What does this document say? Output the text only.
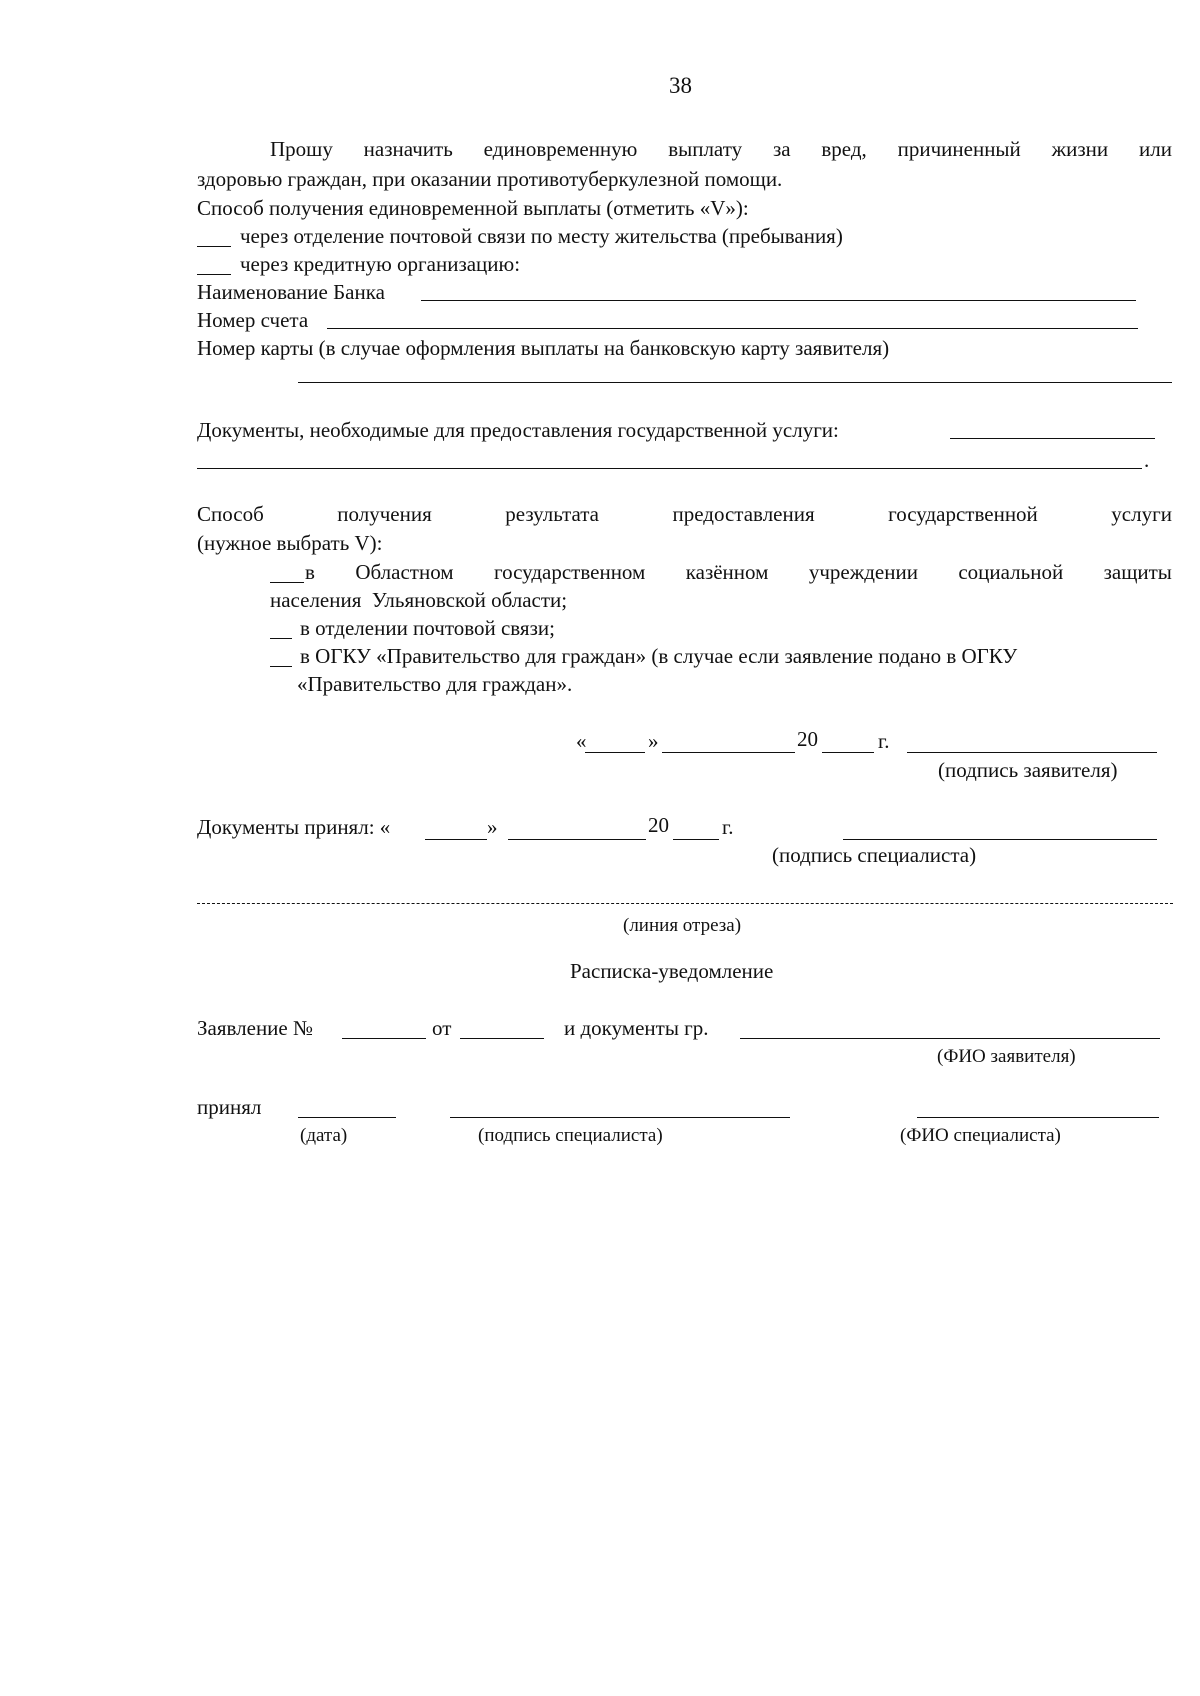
38
Прошу назначить единовременную выплату за вред, причиненный жизни или
здоровью граждан, при оказании противотуберкулезной помощи.
Способ получения единовременной выплаты (отметить «V»):
через отделение почтовой связи по месту жительства (пребывания)
через кредитную организацию:
Наименование Банка
Номер счета
Номер карты (в случае оформления выплаты на банковскую карту заявителя)
Документы, необходимые для предоставления государственной услуги:
.
Способ	получения	результата	предоставления	государственной	услуги
(нужное выбрать V):
в Областном государственном казённом учреждении социальной защиты
населения  Ульяновской области;
в отделении почтовой связи;
в ОГКУ «Правительство для граждан» (в случае если заявление подано в ОГКУ
«Правительство для граждан».
«	»	20	г.
(подпись заявителя)
Документы принял: «	»	20	г.
(подпись специалиста)
(линия отреза)
Расписка-уведомление
Заявление №	от	и документы гр.
(ФИО заявителя)
принял
(дата)	(подпись специалиста)	(ФИО специалиста)
